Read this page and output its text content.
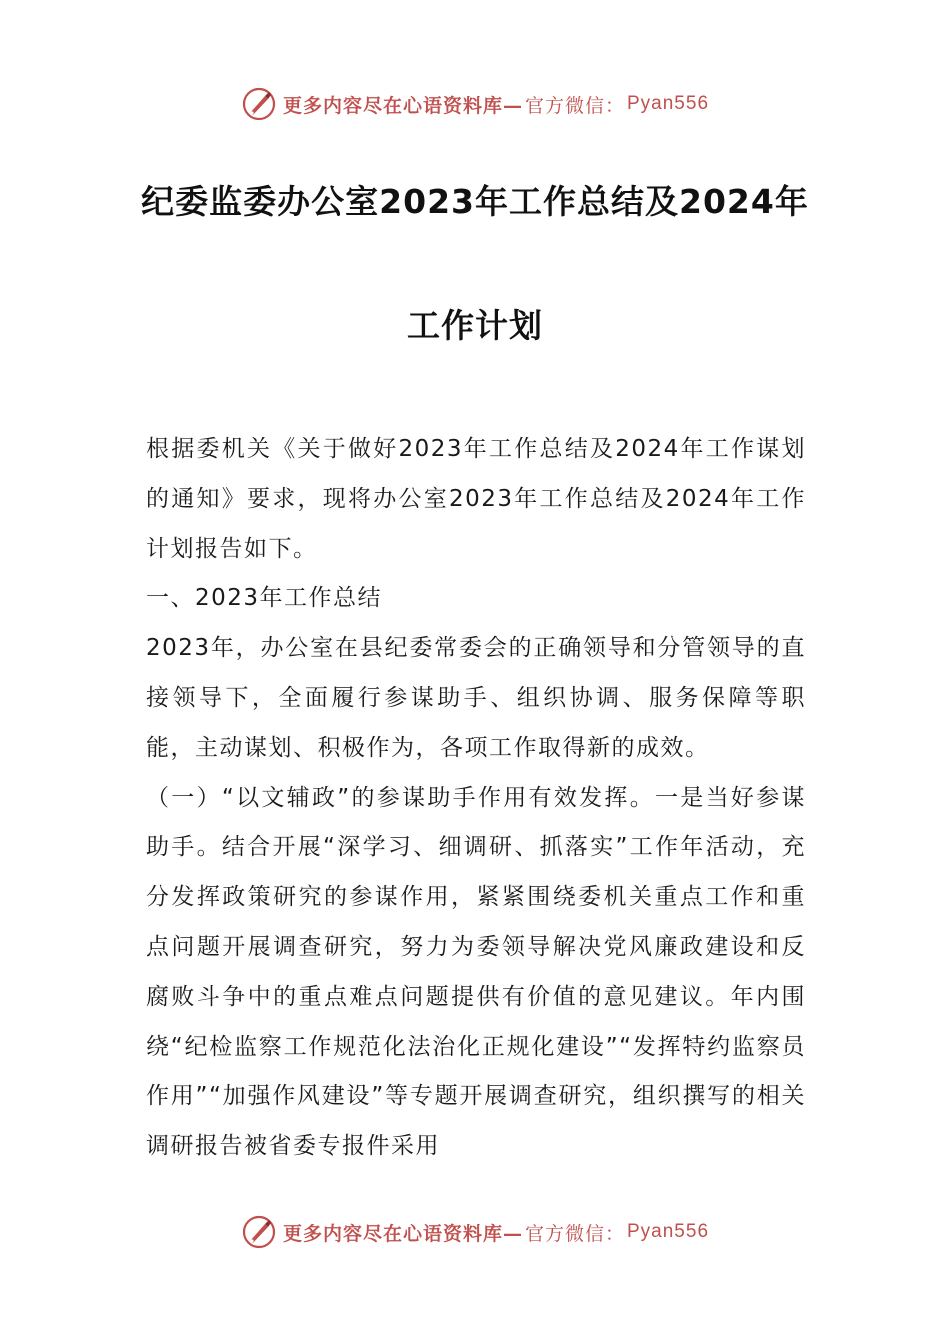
更多内容尽在心语资料库— 官方微信： Pyan556
纪委监委办公室2023年工作总结及2024年
工作计划

根据委机关《关于做好2023年工作总结及2024年工作谋划的通知》要求，现将办公室2023年工作总结及2024年工作计划报告如下。

一、2023年工作总结

2023年，办公室在县纪委常委会的正确领导和分管领导的直接领导下，全面履行参谋助手、组织协调、服务保障等职能，主动谋划、积极作为，各项工作取得新的成效。

（一）“以文辅政”的参谋助手作用有效发挥。一是当好参谋助手。结合开展“深学习、细调研、抓落实”工作年活动，充分发挥政策研究的参谋作用，紧紧围绕委机关重点工作和重点问题开展调查研究，努力为委领导解决党风廉政建设和反腐败斗争中的重点难点问题提供有价值的意见建议。年内围绕“纪检监察工作规范化法治化正规化建设”“发挥特约监察员作用”“加强作风建设”等专题开展调查研究，组织撰写的相关调研报告被省委专报件采用

更多内容尽在心语资料库— 官方微信： Pyan556
